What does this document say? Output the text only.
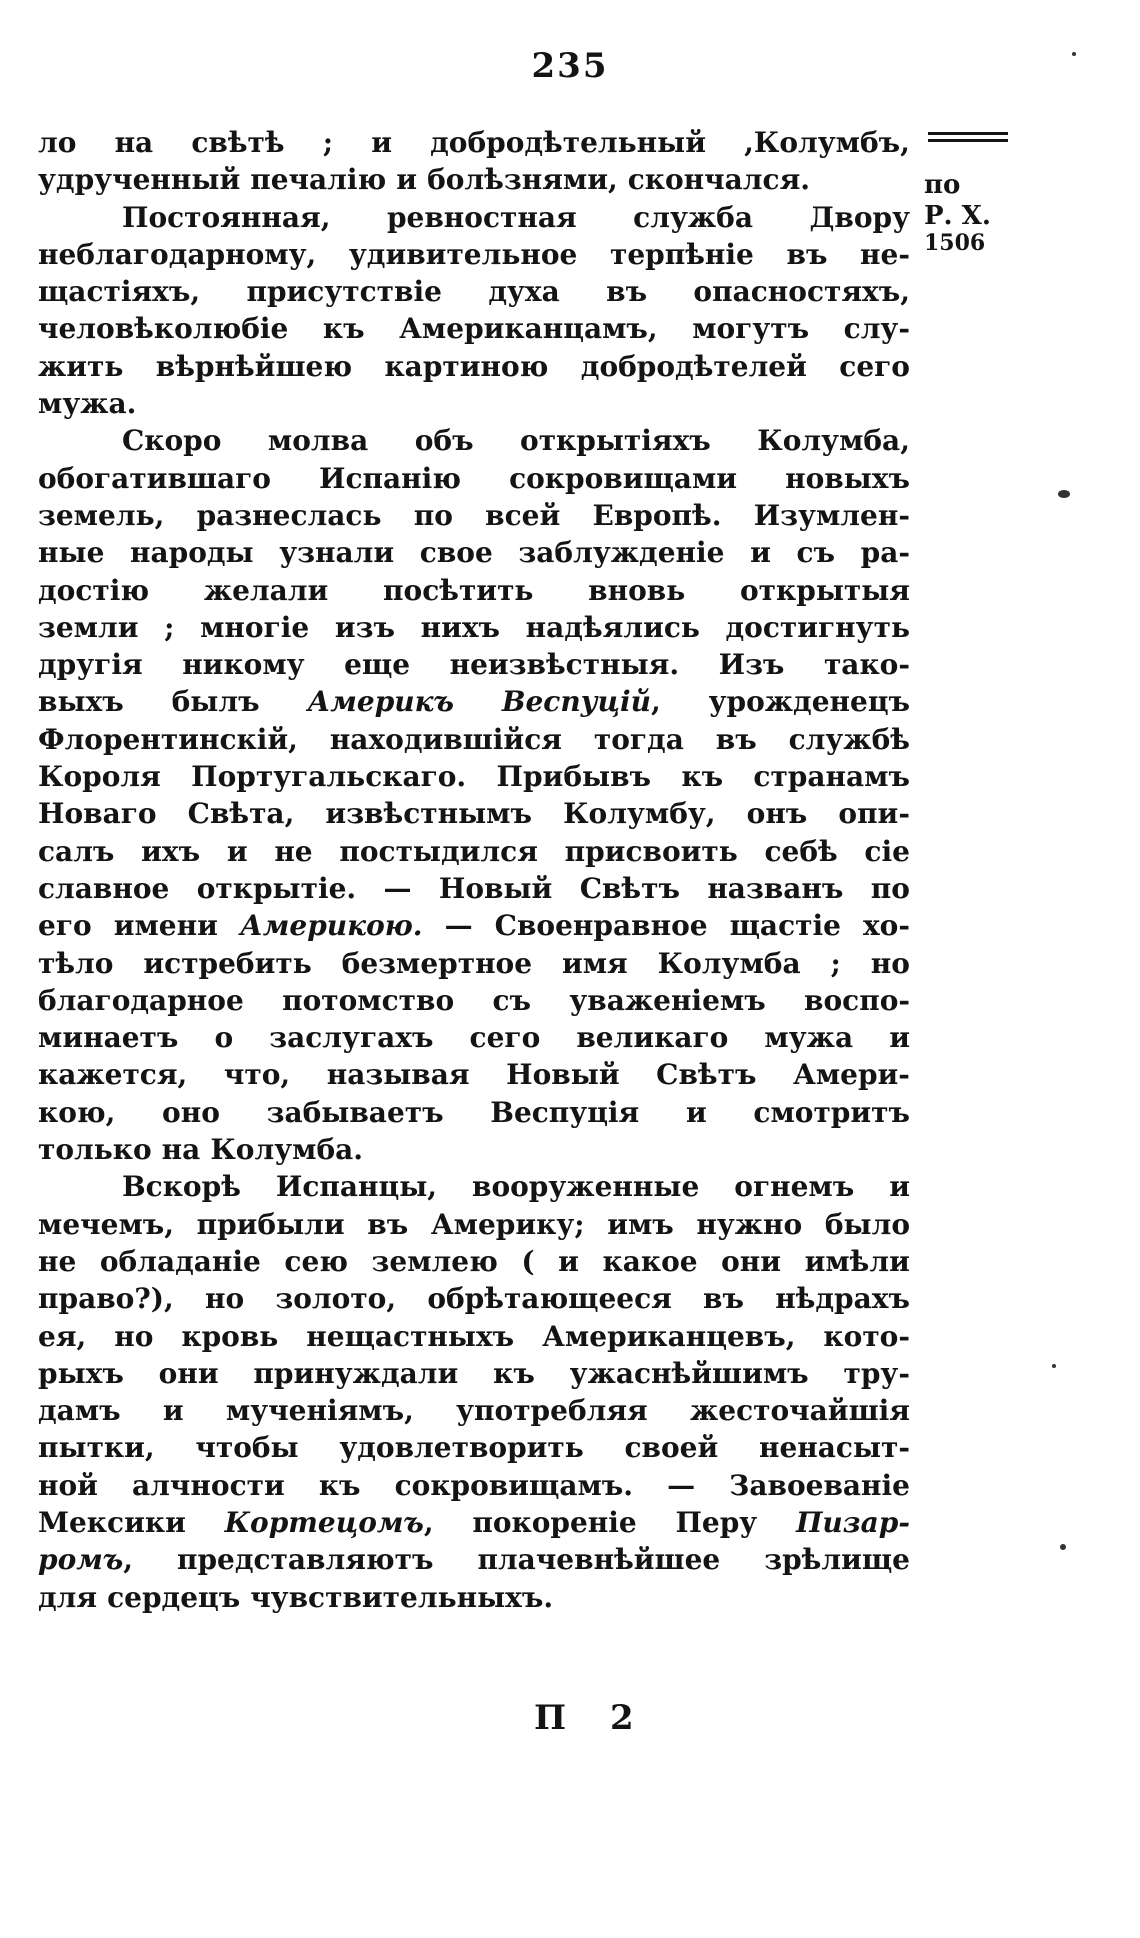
235
по
Р. Х.
1506
ло на свѣтѣ ; и добродѣтельный ,Колумбъ,
удрученный печалію и болѣзнями, скончался.
Постоянная, ревностная служба Двору
неблагодарному, удивительное терпѣніе въ не-
щастіяхъ, присутствіе духа въ опасностяхъ,
человѣколюбіе къ Американцамъ, могутъ слу-
жить вѣрнѣйшею картиною добродѣтелей сего
мужа.
Скоро молва объ открытіяхъ Колумба,
обогатившаго Испанію сокровищами новыхъ
земель, разнеслась по всей Европѣ. Изумлен-
ные народы узнали свое заблужденіе и съ ра-
достію желали посѣтить вновь открытыя
земли ; многіе изъ нихъ надѣялись достигнуть
другія никому еще неизвѣстныя. Изъ тако-
выхъ былъ Америкъ Веспуцій, урожденецъ
Флорентинскій, находившійся тогда въ службѣ
Короля Португальскаго. Прибывъ къ странамъ
Новаго Свѣта, извѣстнымъ Колумбу, онъ опи-
салъ ихъ и не постыдился присвоить себѣ сіе
славное открытіе. — Новый Свѣтъ названъ по
его имени Америкою. — Своенравное щастіе хо-
тѣло истребить безмертное имя Колумба ; но
благодарное потомство съ уваженіемъ воспо-
минаетъ о заслугахъ сего великаго мужа и
кажется, что, называя Новый Свѣтъ Амери-
кою, оно забываетъ Веспуція и смотритъ
только на Колумба.
Вскорѣ Испанцы, вооруженные огнемъ и
мечемъ, прибыли въ Америку; имъ нужно было
не обладаніе сею землею ( и какое они имѣли
право?), но золото, обрѣтающееся въ нѣдрахъ
ея, но кровь нещастныхъ Американцевъ, кото-
рыхъ они принуждали къ ужаснѣйшимъ тру-
дамъ и мученіямъ, употребляя жесточайшія
пытки, чтобы удовлетворить своей ненасыт-
ной алчности къ сокровищамъ. — Завоеваніе
Мексики Кортецомъ, покореніе Перу Пизар-
ромъ, представляютъ плачевнѣйшее зрѣлище
для сердецъ чувствительныхъ.
П 2
